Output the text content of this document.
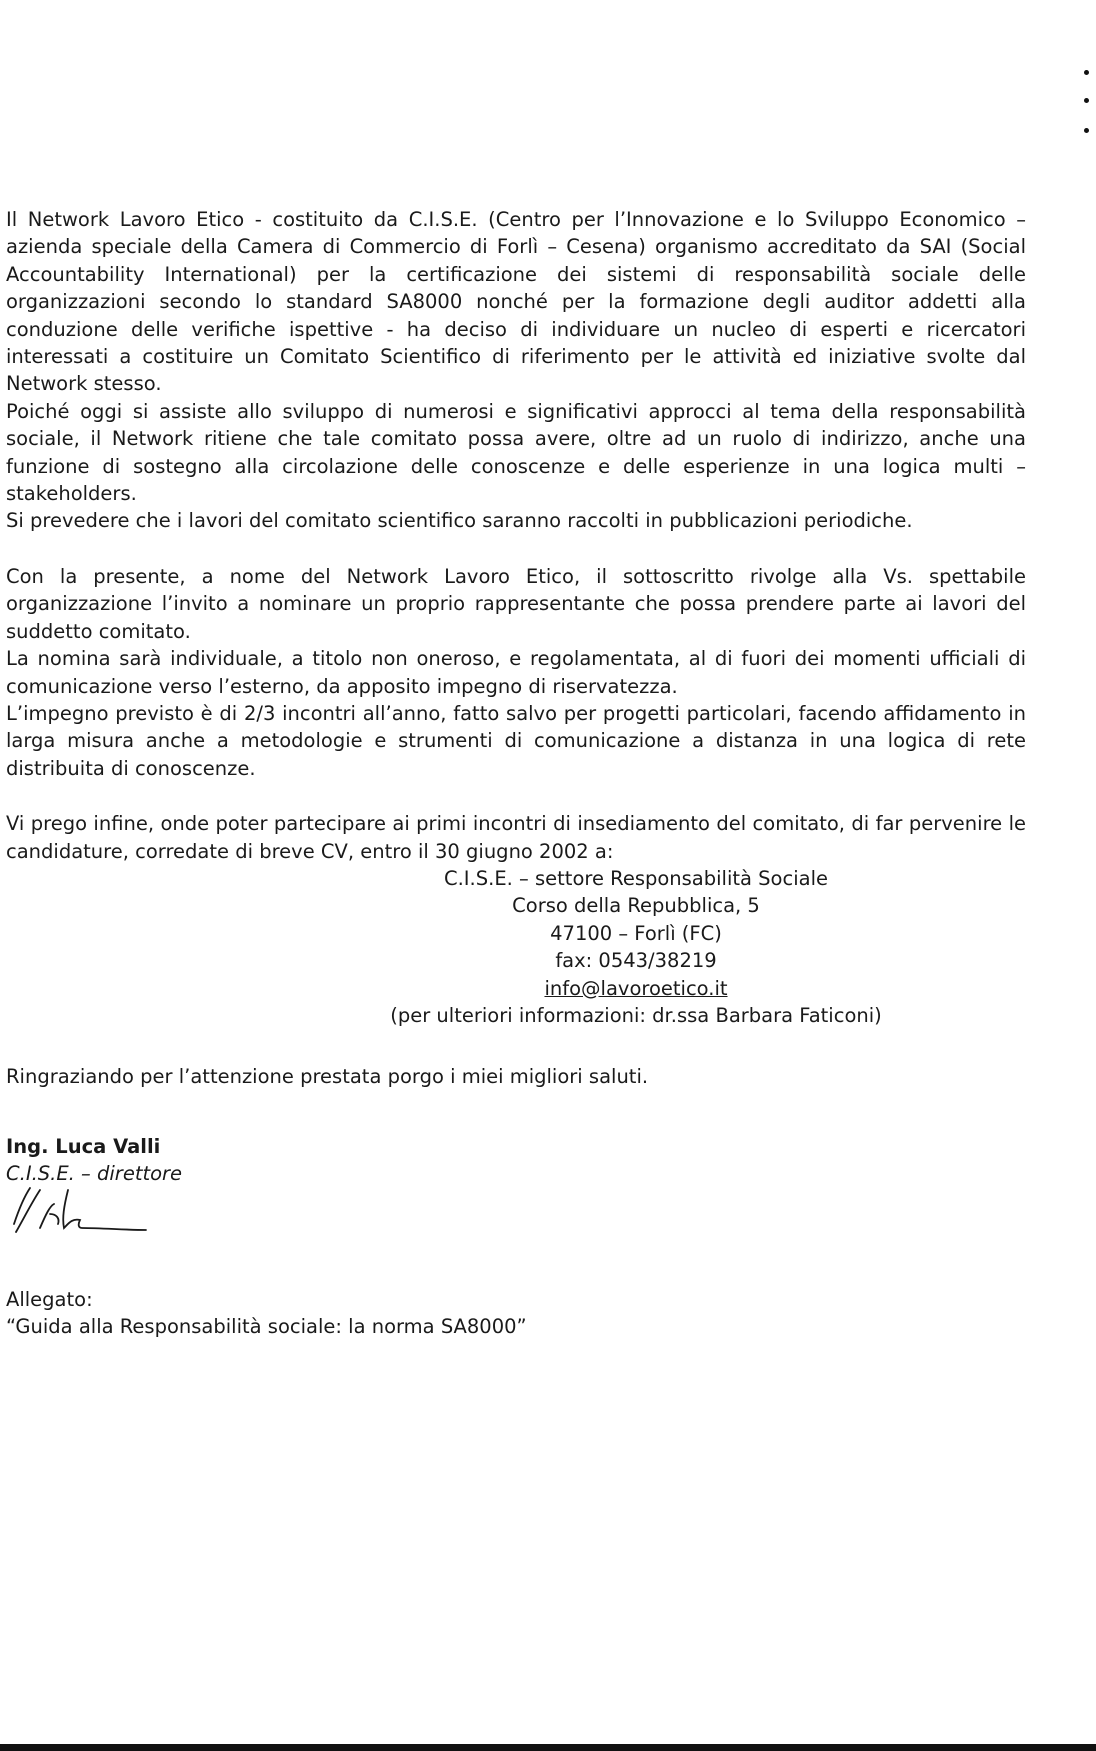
Il Network Lavoro Etico - costituito da C.I.S.E. (Centro per l’Innovazione e lo Sviluppo Economico – azienda speciale della Camera di Commercio di Forlì – Cesena) organismo accreditato da SAI (Social Accountability International) per la certificazione dei sistemi di responsabilità sociale delle organizzazioni secondo lo standard SA8000 nonché per la formazione degli auditor addetti alla conduzione delle verifiche ispettive - ha deciso di individuare un nucleo di esperti e ricercatori interessati a costituire un Comitato Scientifico di riferimento per le attività ed iniziative svolte dal Network stesso.

Poiché oggi si assiste allo sviluppo di numerosi e significativi approcci al tema della responsabilità sociale, il Network ritiene che tale comitato possa avere, oltre ad un ruolo di indirizzo, anche una funzione di sostegno alla circolazione delle conoscenze e delle esperienze in una logica multi – stakeholders.

Si prevedere che i lavori del comitato scientifico saranno raccolti in pubblicazioni periodiche.

Con la presente, a nome del Network Lavoro Etico, il sottoscritto rivolge alla Vs. spettabile organizzazione l’invito a nominare un proprio rappresentante che possa prendere parte ai lavori del suddetto comitato.

La nomina sarà individuale, a titolo non oneroso, e regolamentata, al di fuori dei momenti ufficiali di comunicazione verso l’esterno, da apposito impegno di riservatezza.

L’impegno previsto è di 2/3 incontri all’anno, fatto salvo per progetti particolari, facendo affidamento in larga misura anche a metodologie e strumenti di comunicazione a distanza in una logica di rete distribuita di conoscenze.

Vi prego infine, onde poter partecipare ai primi incontri di insediamento del comitato, di far pervenire le candidature, corredate di breve CV, entro il 30 giugno 2002 a:

C.I.S.E. – settore Responsabilità Sociale
Corso della Repubblica, 5
47100 – Forlì (FC)
fax: 0543/38219
info@lavoroetico.it
(per ulteriori informazioni: dr.ssa Barbara Faticoni)

Ringraziando per l’attenzione prestata porgo i miei migliori saluti.

Ing. Luca Valli
C.I.S.E. – direttore
Allegato:
“Guida alla Responsabilità sociale: la norma SA8000”
